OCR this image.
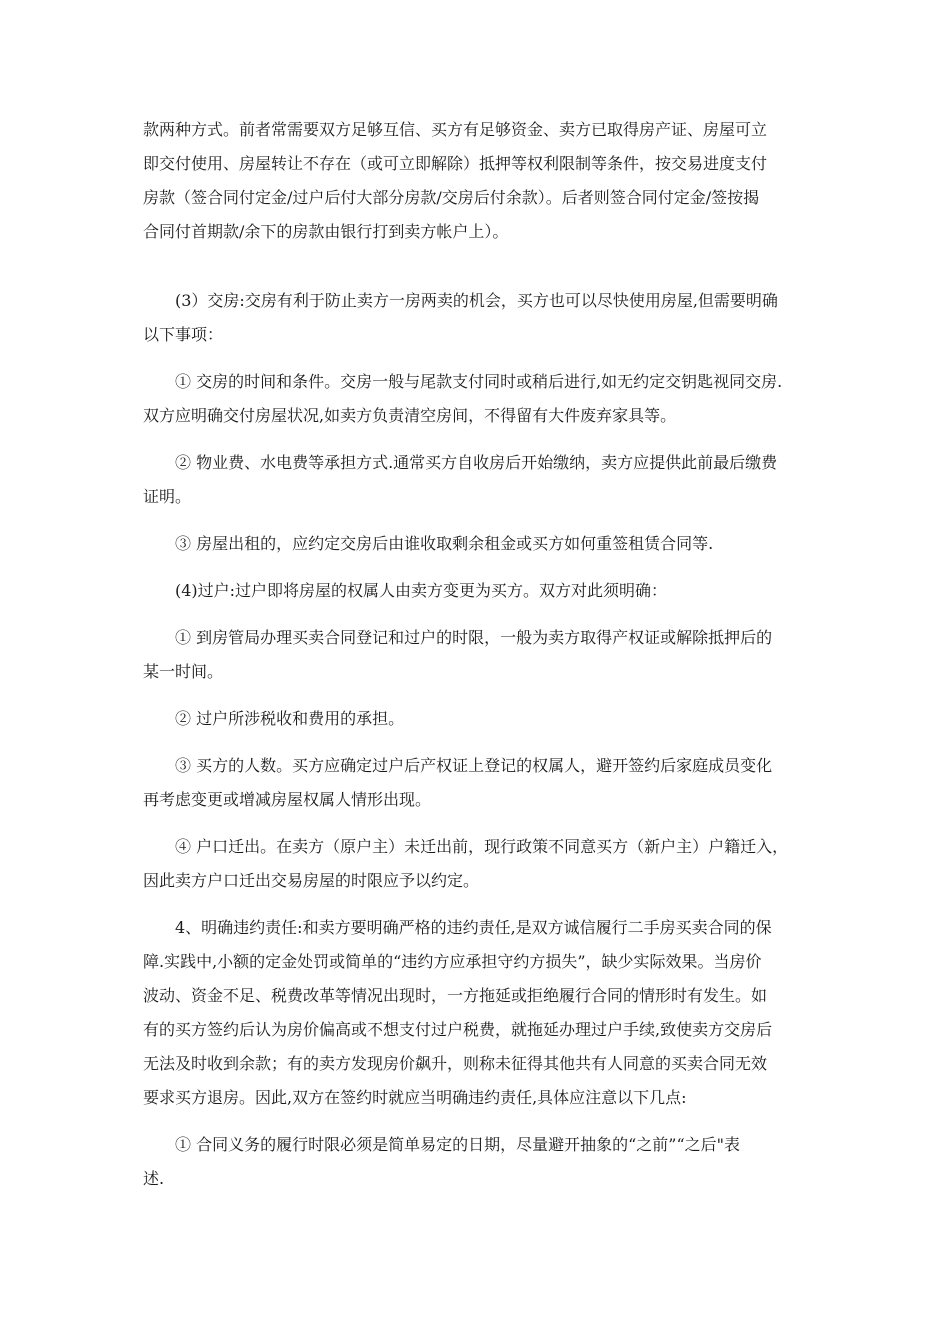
款两种方式。前者常需要双方足够互信、买方有足够资金、卖方已取得房产证、房屋可立
即交付使用、房屋转让不存在（或可立即解除）抵押等权利限制等条件，按交易进度支付
房款（签合同付定金/过户后付大部分房款/交房后付余款）。后者则签合同付定金/签按揭
合同付首期款/余下的房款由银行打到卖方帐户上）。

(3）交房:交房有利于防止卖方一房两卖的机会，买方也可以尽快使用房屋,但需要明确
以下事项：

① 交房的时间和条件。交房一般与尾款支付同时或稍后进行,如无约定交钥匙视同交房.
双方应明确交付房屋状况,如卖方负责清空房间，不得留有大件废弃家具等。

② 物业费、水电费等承担方式.通常买方自收房后开始缴纳，卖方应提供此前最后缴费
证明。

③ 房屋出租的，应约定交房后由谁收取剩余租金或买方如何重签租赁合同等.

(4)过户:过户即将房屋的权属人由卖方变更为买方。双方对此须明确：

① 到房管局办理买卖合同登记和过户的时限，一般为卖方取得产权证或解除抵押后的
某一时间。

② 过户所涉税收和费用的承担。

③ 买方的人数。买方应确定过户后产权证上登记的权属人，避开签约后家庭成员变化
再考虑变更或增减房屋权属人情形出现。

④ 户口迁出。在卖方（原户主）未迁出前，现行政策不同意买方（新户主）户籍迁入，
因此卖方户口迁出交易房屋的时限应予以约定。

4、明确违约责任:和卖方要明确严格的违约责任,是双方诚信履行二手房买卖合同的保
障.实践中,小额的定金处罚或简单的“违约方应承担守约方损失”，缺少实际效果。当房价
波动、资金不足、税费改革等情况出现时，一方拖延或拒绝履行合同的情形时有发生。如
有的买方签约后认为房价偏高或不想支付过户税费，就拖延办理过户手续,致使卖方交房后
无法及时收到余款；有的卖方发现房价飙升，则称未征得其他共有人同意的买卖合同无效
要求买方退房。因此,双方在签约时就应当明确违约责任,具体应注意以下几点:

① 合同义务的履行时限必须是简单易定的日期，尽量避开抽象的“之前”“之后"表
述.
